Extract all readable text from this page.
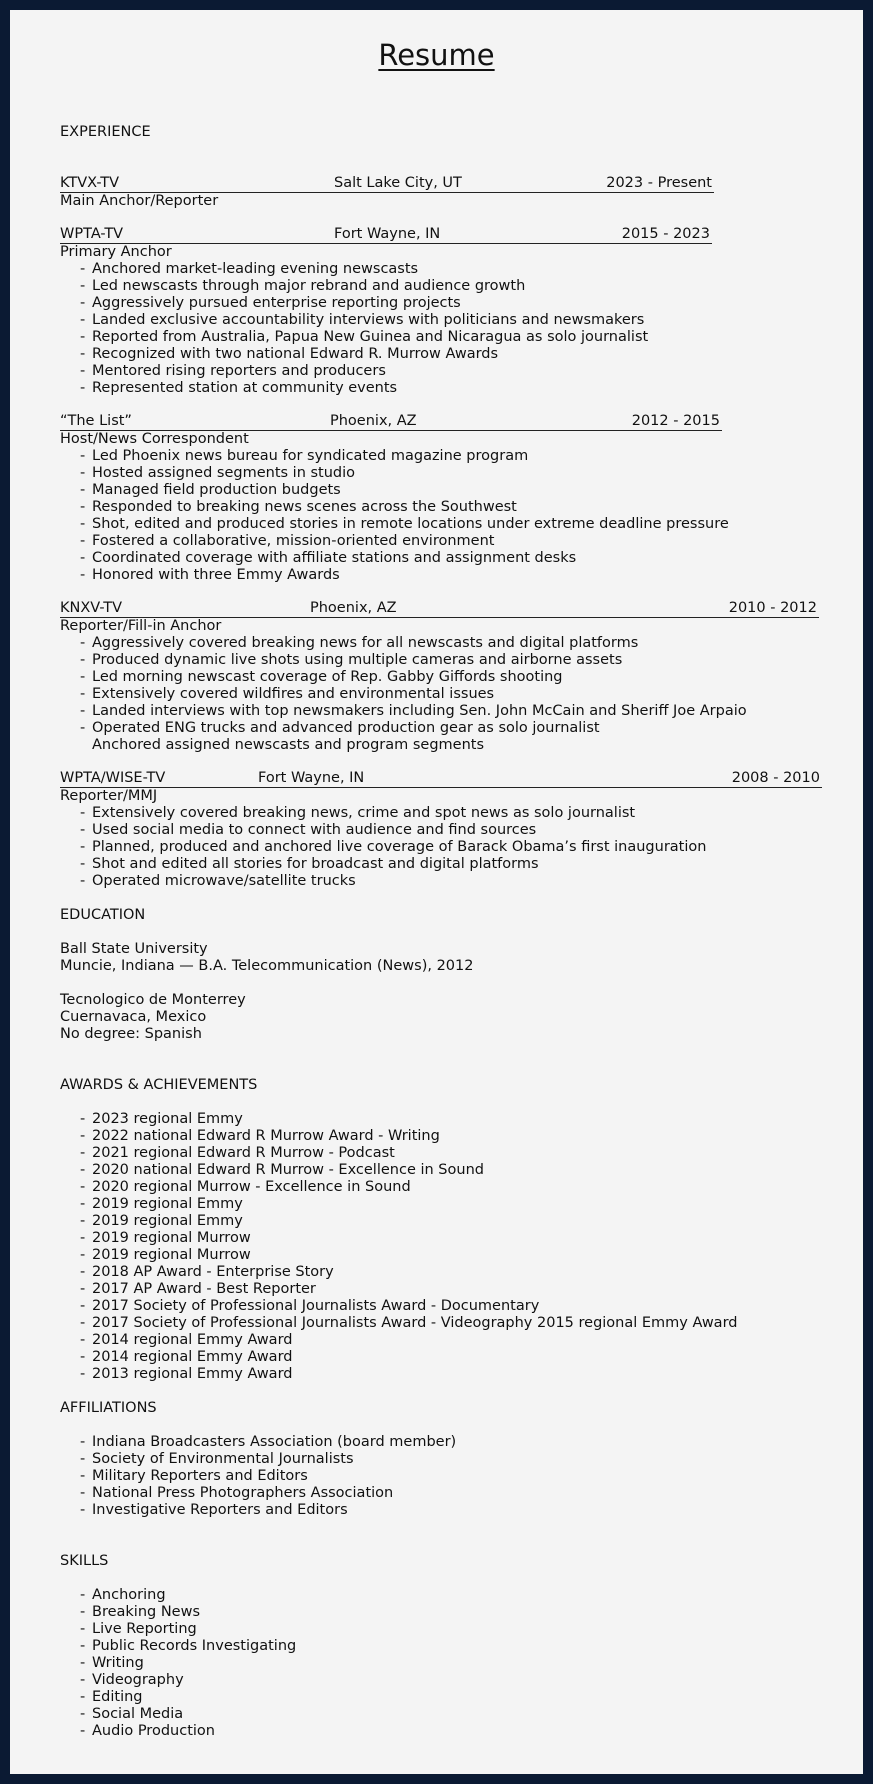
Resume
EXPERIENCE
KTVX-TV	Salt Lake City, UT	2023 - Present
Main Anchor/Reporter
WPTA-TV	Fort Wayne, IN	2015 - 2023
Primary Anchor
- Anchored market-leading evening newscasts
- Led newscasts through major rebrand and audience growth
- Aggressively pursued enterprise reporting projects
- Landed exclusive accountability interviews with politicians and newsmakers
- Reported from Australia, Papua New Guinea and Nicaragua as solo journalist
- Recognized with two national Edward R. Murrow Awards
- Mentored rising reporters and producers
- Represented station at community events
“The List”	Phoenix, AZ	2012 - 2015
Host/News Correspondent
- Led Phoenix news bureau for syndicated magazine program
- Hosted assigned segments in studio
- Managed field production budgets
- Responded to breaking news scenes across the Southwest
- Shot, edited and produced stories in remote locations under extreme deadline pressure
- Fostered a collaborative, mission-oriented environment
- Coordinated coverage with affiliate stations and assignment desks
- Honored with three Emmy Awards
KNXV-TV	Phoenix, AZ	2010 - 2012
Reporter/Fill-in Anchor
- Aggressively covered breaking news for all newscasts and digital platforms
- Produced dynamic live shots using multiple cameras and airborne assets
- Led morning newscast coverage of Rep. Gabby Giffords shooting
- Extensively covered wildfires and environmental issues
- Landed interviews with top newsmakers including Sen. John McCain and Sheriff Joe Arpaio
- Operated ENG trucks and advanced production gear as solo journalist
Anchored assigned newscasts and program segments
WPTA/WISE-TV	Fort Wayne, IN	2008 - 2010
Reporter/MMJ
- Extensively covered breaking news, crime and spot news as solo journalist
- Used social media to connect with audience and find sources
- Planned, produced and anchored live coverage of Barack Obama’s first inauguration
- Shot and edited all stories for broadcast and digital platforms
- Operated microwave/satellite trucks
EDUCATION
Ball State University
Muncie, Indiana — B.A. Telecommunication (News), 2012
Tecnologico de Monterrey
Cuernavaca, Mexico
No degree: Spanish
AWARDS & ACHIEVEMENTS
- 2023 regional Emmy
- 2022 national Edward R Murrow Award - Writing
- 2021 regional Edward R Murrow - Podcast
- 2020 national Edward R Murrow - Excellence in Sound
- 2020 regional Murrow - Excellence in Sound
- 2019 regional Emmy
- 2019 regional Emmy
- 2019 regional Murrow
- 2019 regional Murrow
- 2018 AP Award - Enterprise Story
- 2017 AP Award - Best Reporter
- 2017 Society of Professional Journalists Award - Documentary
- 2017 Society of Professional Journalists Award - Videography 2015 regional Emmy Award
- 2014 regional Emmy Award
- 2014 regional Emmy Award
- 2013 regional Emmy Award
AFFILIATIONS
- Indiana Broadcasters Association (board member)
- Society of Environmental Journalists
- Military Reporters and Editors
- National Press Photographers Association
- Investigative Reporters and Editors
SKILLS
- Anchoring
- Breaking News
- Live Reporting
- Public Records Investigating
- Writing
- Videography
- Editing
- Social Media
- Audio Production
